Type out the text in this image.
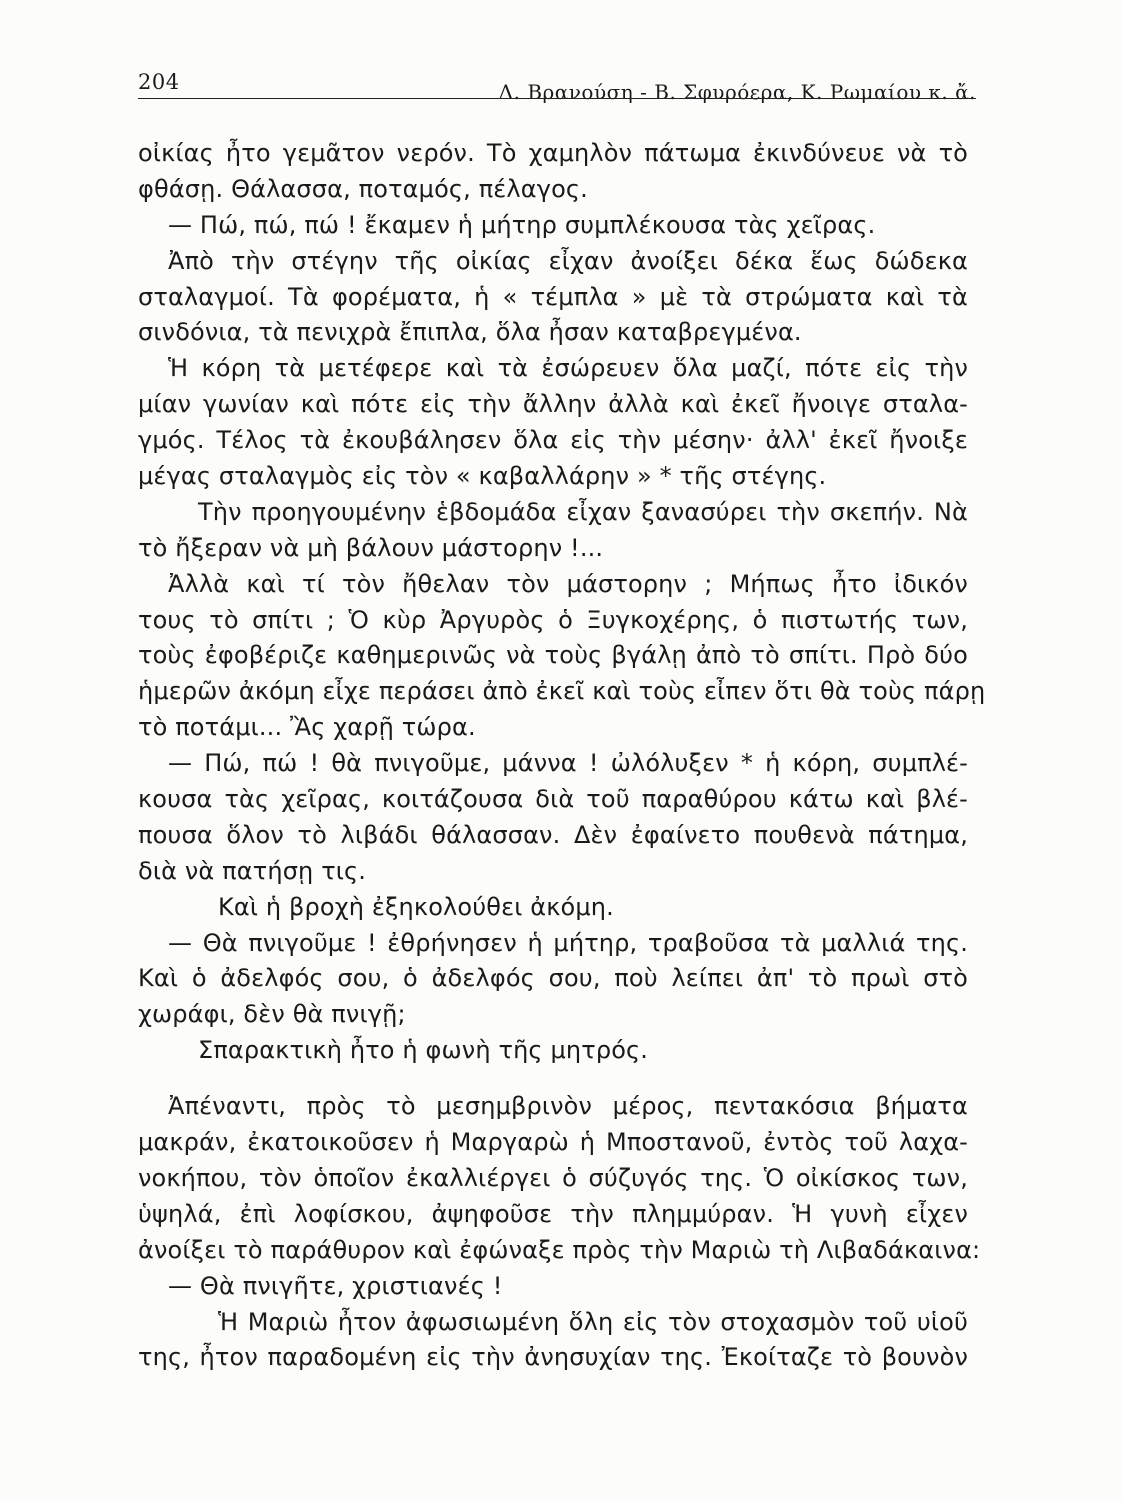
204	Λ. Βρανούση - Β. Σφυρόερα, Κ. Ρωμαίου κ. ἄ.
οἰκίας ἦτο γεμᾶτον νερόν. Τὸ χαμηλὸν πάτωμα ἐκινδύνευε νὰ τὸ
φθάσῃ. Θάλασσα, ποταμός, πέλαγος.
— Πώ, πώ, πώ ! ἔκαμεν ἡ μήτηρ συμπλέκουσα τὰς χεῖρας.
Ἀπὸ τὴν στέγην τῆς οἰκίας εἶχαν ἀνοίξει δέκα ἕως δώδεκα
σταλαγμοί. Τὰ φορέματα, ἡ « τέμπλα » μὲ τὰ στρώματα καὶ τὰ
σινδόνια, τὰ πενιχρὰ ἔπιπλα, ὅλα ἦσαν καταβρεγμένα.
Ἡ κόρη τὰ μετέφερε καὶ τὰ ἐσώρευεν ὅλα μαζί, πότε εἰς τὴν
μίαν γωνίαν καὶ πότε εἰς τὴν ἄλλην ἀλλὰ καὶ ἐκεῖ ἤνοιγε σταλα-
γμός. Τέλος τὰ ἐκουβάλησεν ὅλα εἰς τὴν μέσην· ἀλλ' ἐκεῖ ἤνοιξε
μέγας σταλαγμὸς εἰς τὸν « καβαλλάρην » * τῆς στέγης.
Τὴν προηγουμένην ἑβδομάδα εἶχαν ξανασύρει τὴν σκεπήν. Νὰ
τὸ ἤξεραν νὰ μὴ βάλουν μάστορην !...
Ἀλλὰ καὶ τί τὸν ἤθελαν τὸν μάστορην ; Μήπως ἦτο ἰδικόν
τους τὸ σπίτι ; Ὁ κὺρ Ἀργυρὸς ὁ Ξυγκοχέρης, ὁ πιστωτής των,
τοὺς ἐφοβέριζε καθημερινῶς νὰ τοὺς βγάλῃ ἀπὸ τὸ σπίτι. Πρὸ δύο
ἡμερῶν ἀκόμη εἶχε περάσει ἀπὸ ἐκεῖ καὶ τοὺς εἶπεν ὅτι θὰ τοὺς πάρῃ
τὸ ποτάμι... Ἂς χαρῇ τώρα.
— Πώ, πώ ! θὰ πνιγοῦμε, μάννα ! ὠλόλυξεν * ἡ κόρη, συμπλέ-
κουσα τὰς χεῖρας, κοιτάζουσα διὰ τοῦ παραθύρου κάτω καὶ βλέ-
πουσα ὅλον τὸ λιβάδι θάλασσαν. Δὲν ἐφαίνετο πουθενὰ πάτημα,
διὰ νὰ πατήσῃ τις.
Καὶ ἡ βροχὴ ἐξηκολούθει ἀκόμη.
— Θὰ πνιγοῦμε ! ἐθρήνησεν ἡ μήτηρ, τραβοῦσα τὰ μαλλιά της.
Καὶ ὁ ἀδελφός σου, ὁ ἀδελφός σου, ποὺ λείπει ἀπ' τὸ πρωὶ στὸ
χωράφι, δὲν θὰ πνιγῇ;
Σπαρακτικὴ ἦτο ἡ φωνὴ τῆς μητρός.
Ἀπέναντι, πρὸς τὸ μεσημβρινὸν μέρος, πεντακόσια βήματα
μακράν, ἐκατοικοῦσεν ἡ Μαργαρὼ ἡ Μποστανοῦ, ἐντὸς τοῦ λαχα-
νοκήπου, τὸν ὁποῖον ἐκαλλιέργει ὁ σύζυγός της. Ὁ οἰκίσκος των,
ὑψηλά, ἐπὶ λοφίσκου, ἀψηφοῦσε τὴν πλημμύραν. Ἡ γυνὴ εἶχεν
ἀνοίξει τὸ παράθυρον καὶ ἐφώναξε πρὸς τὴν Μαριὼ τὴ Λιβαδάκαινα:
— Θὰ πνιγῆτε, χριστιανές !
Ἡ Μαριὼ ἦτον ἀφωσιωμένη ὅλη εἰς τὸν στοχασμὸν τοῦ υἱοῦ
της, ἦτον παραδομένη εἰς τὴν ἀνησυχίαν της. Ἐκοίταζε τὸ βουνὸν
